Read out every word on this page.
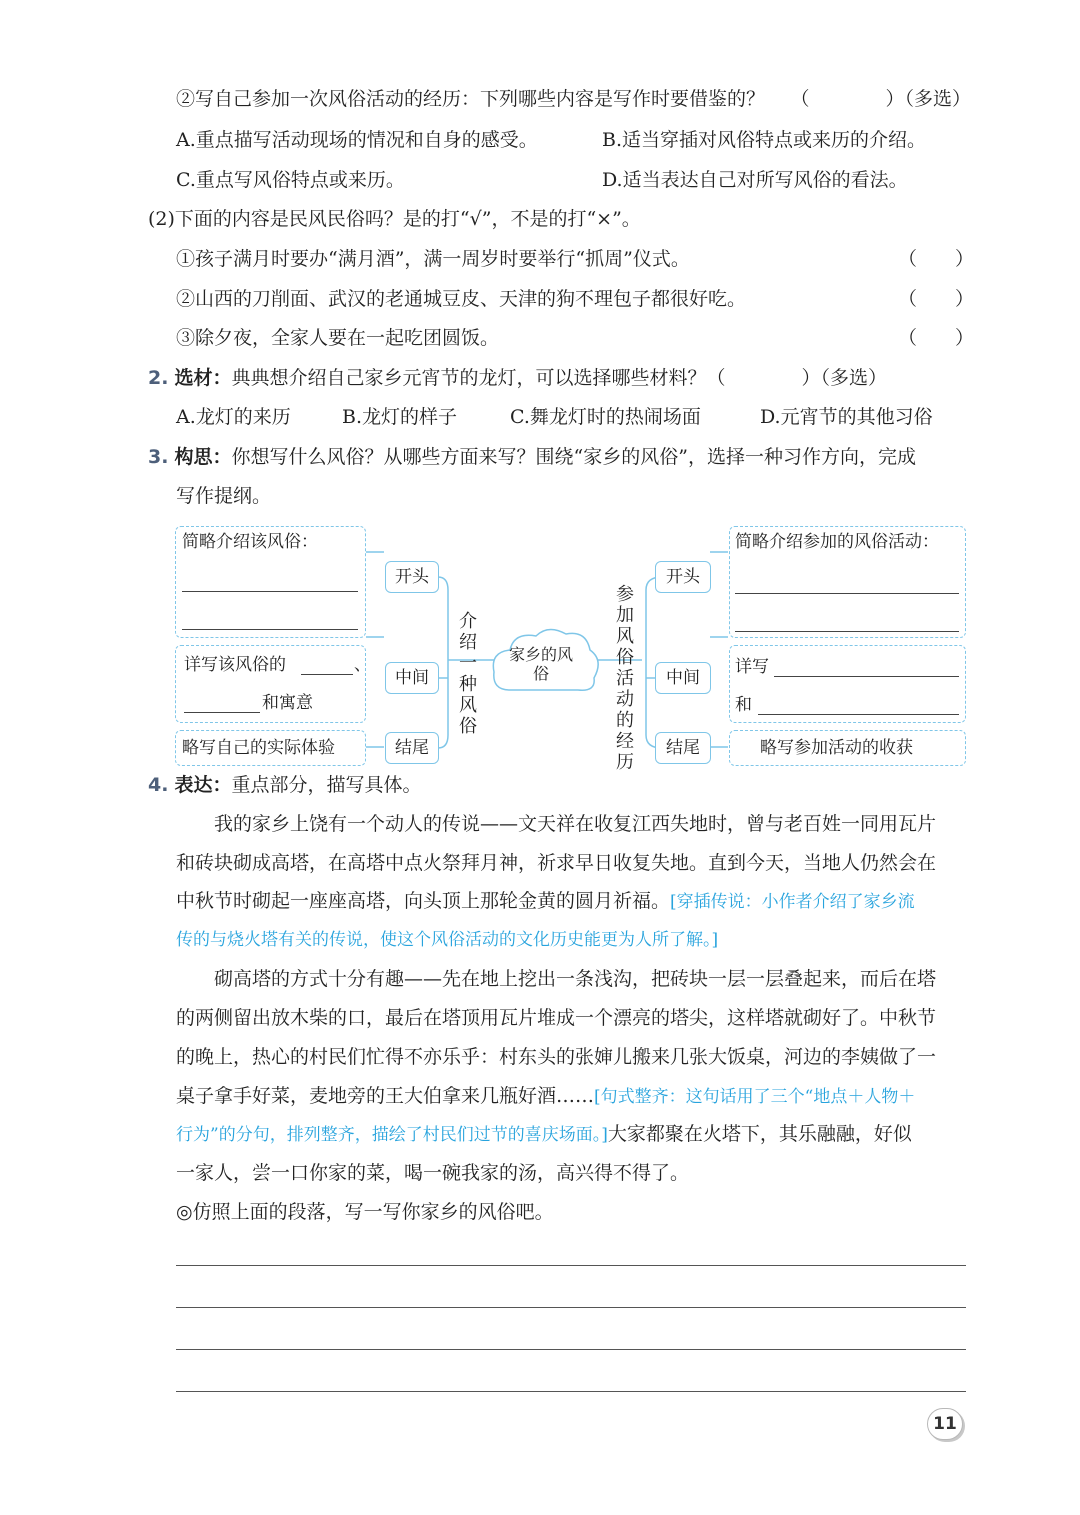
②写自己参加一次风俗活动的经历：下列哪些内容是写作时要借鉴的？ （　　　　）（多选）
A.重点描写活动现场的情况和自身的感受。	B.适当穿插对风俗特点或来历的介绍。
C.重点写风俗特点或来历。	D.适当表达自己对所写风俗的看法。
(2)下面的内容是民风民俗吗？是的打“√”，不是的打“×”。
①孩子满月时要办“满月酒”，满一周岁时要举行“抓周”仪式。	（　　）
②山西的刀削面、武汉的老通城豆皮、天津的狗不理包子都很好吃。	（　　）
③除夕夜，全家人要在一起吃团圆饭。	（　　）
2. 选材：典典想介绍自己家乡元宵节的龙灯，可以选择哪些材料？（　　　　）（多选）
A.龙灯的来历	B.龙灯的样子	C.舞龙灯时的热闹场面	D.元宵节的其他习俗
3. 构思：你想写什么风俗？从哪些方面来写？围绕“家乡的风俗”，选择一种习作方向，完成
写作提纲。
简略介绍该风俗：
详写该风俗的	、
和寓意
略写自己的实际体验
开头
中间
结尾
介绍一种风俗
家乡的风俗
参加风俗活动的经历
开头
中间
结尾
简略介绍参加的风俗活动：
详写
和
略写参加活动的收获
4. 表达：重点部分，描写具体。
我的家乡上饶有一个动人的传说——文天祥在收复江西失地时，曾与老百姓一同用瓦片
和砖块砌成高塔，在高塔中点火祭拜月神，祈求早日收复失地。直到今天，当地人仍然会在
中秋节时砌起一座座高塔，向头顶上那轮金黄的圆月祈福。[穿插传说：小作者介绍了家乡流
传的与烧火塔有关的传说，使这个风俗活动的文化历史能更为人所了解。]
砌高塔的方式十分有趣——先在地上挖出一条浅沟，把砖块一层一层叠起来，而后在塔
的两侧留出放木柴的口，最后在塔顶用瓦片堆成一个漂亮的塔尖，这样塔就砌好了。中秋节
的晚上，热心的村民们忙得不亦乐乎：村东头的张婶儿搬来几张大饭桌，河边的李姨做了一
桌子拿手好菜，麦地旁的王大伯拿来几瓶好酒……[句式整齐：这句话用了三个“地点＋人物＋
行为”的分句，排列整齐，描绘了村民们过节的喜庆场面。]大家都聚在火塔下，其乐融融，好似
一家人，尝一口你家的菜，喝一碗我家的汤，高兴得不得了。
◎仿照上面的段落，写一写你家乡的风俗吧。
11
